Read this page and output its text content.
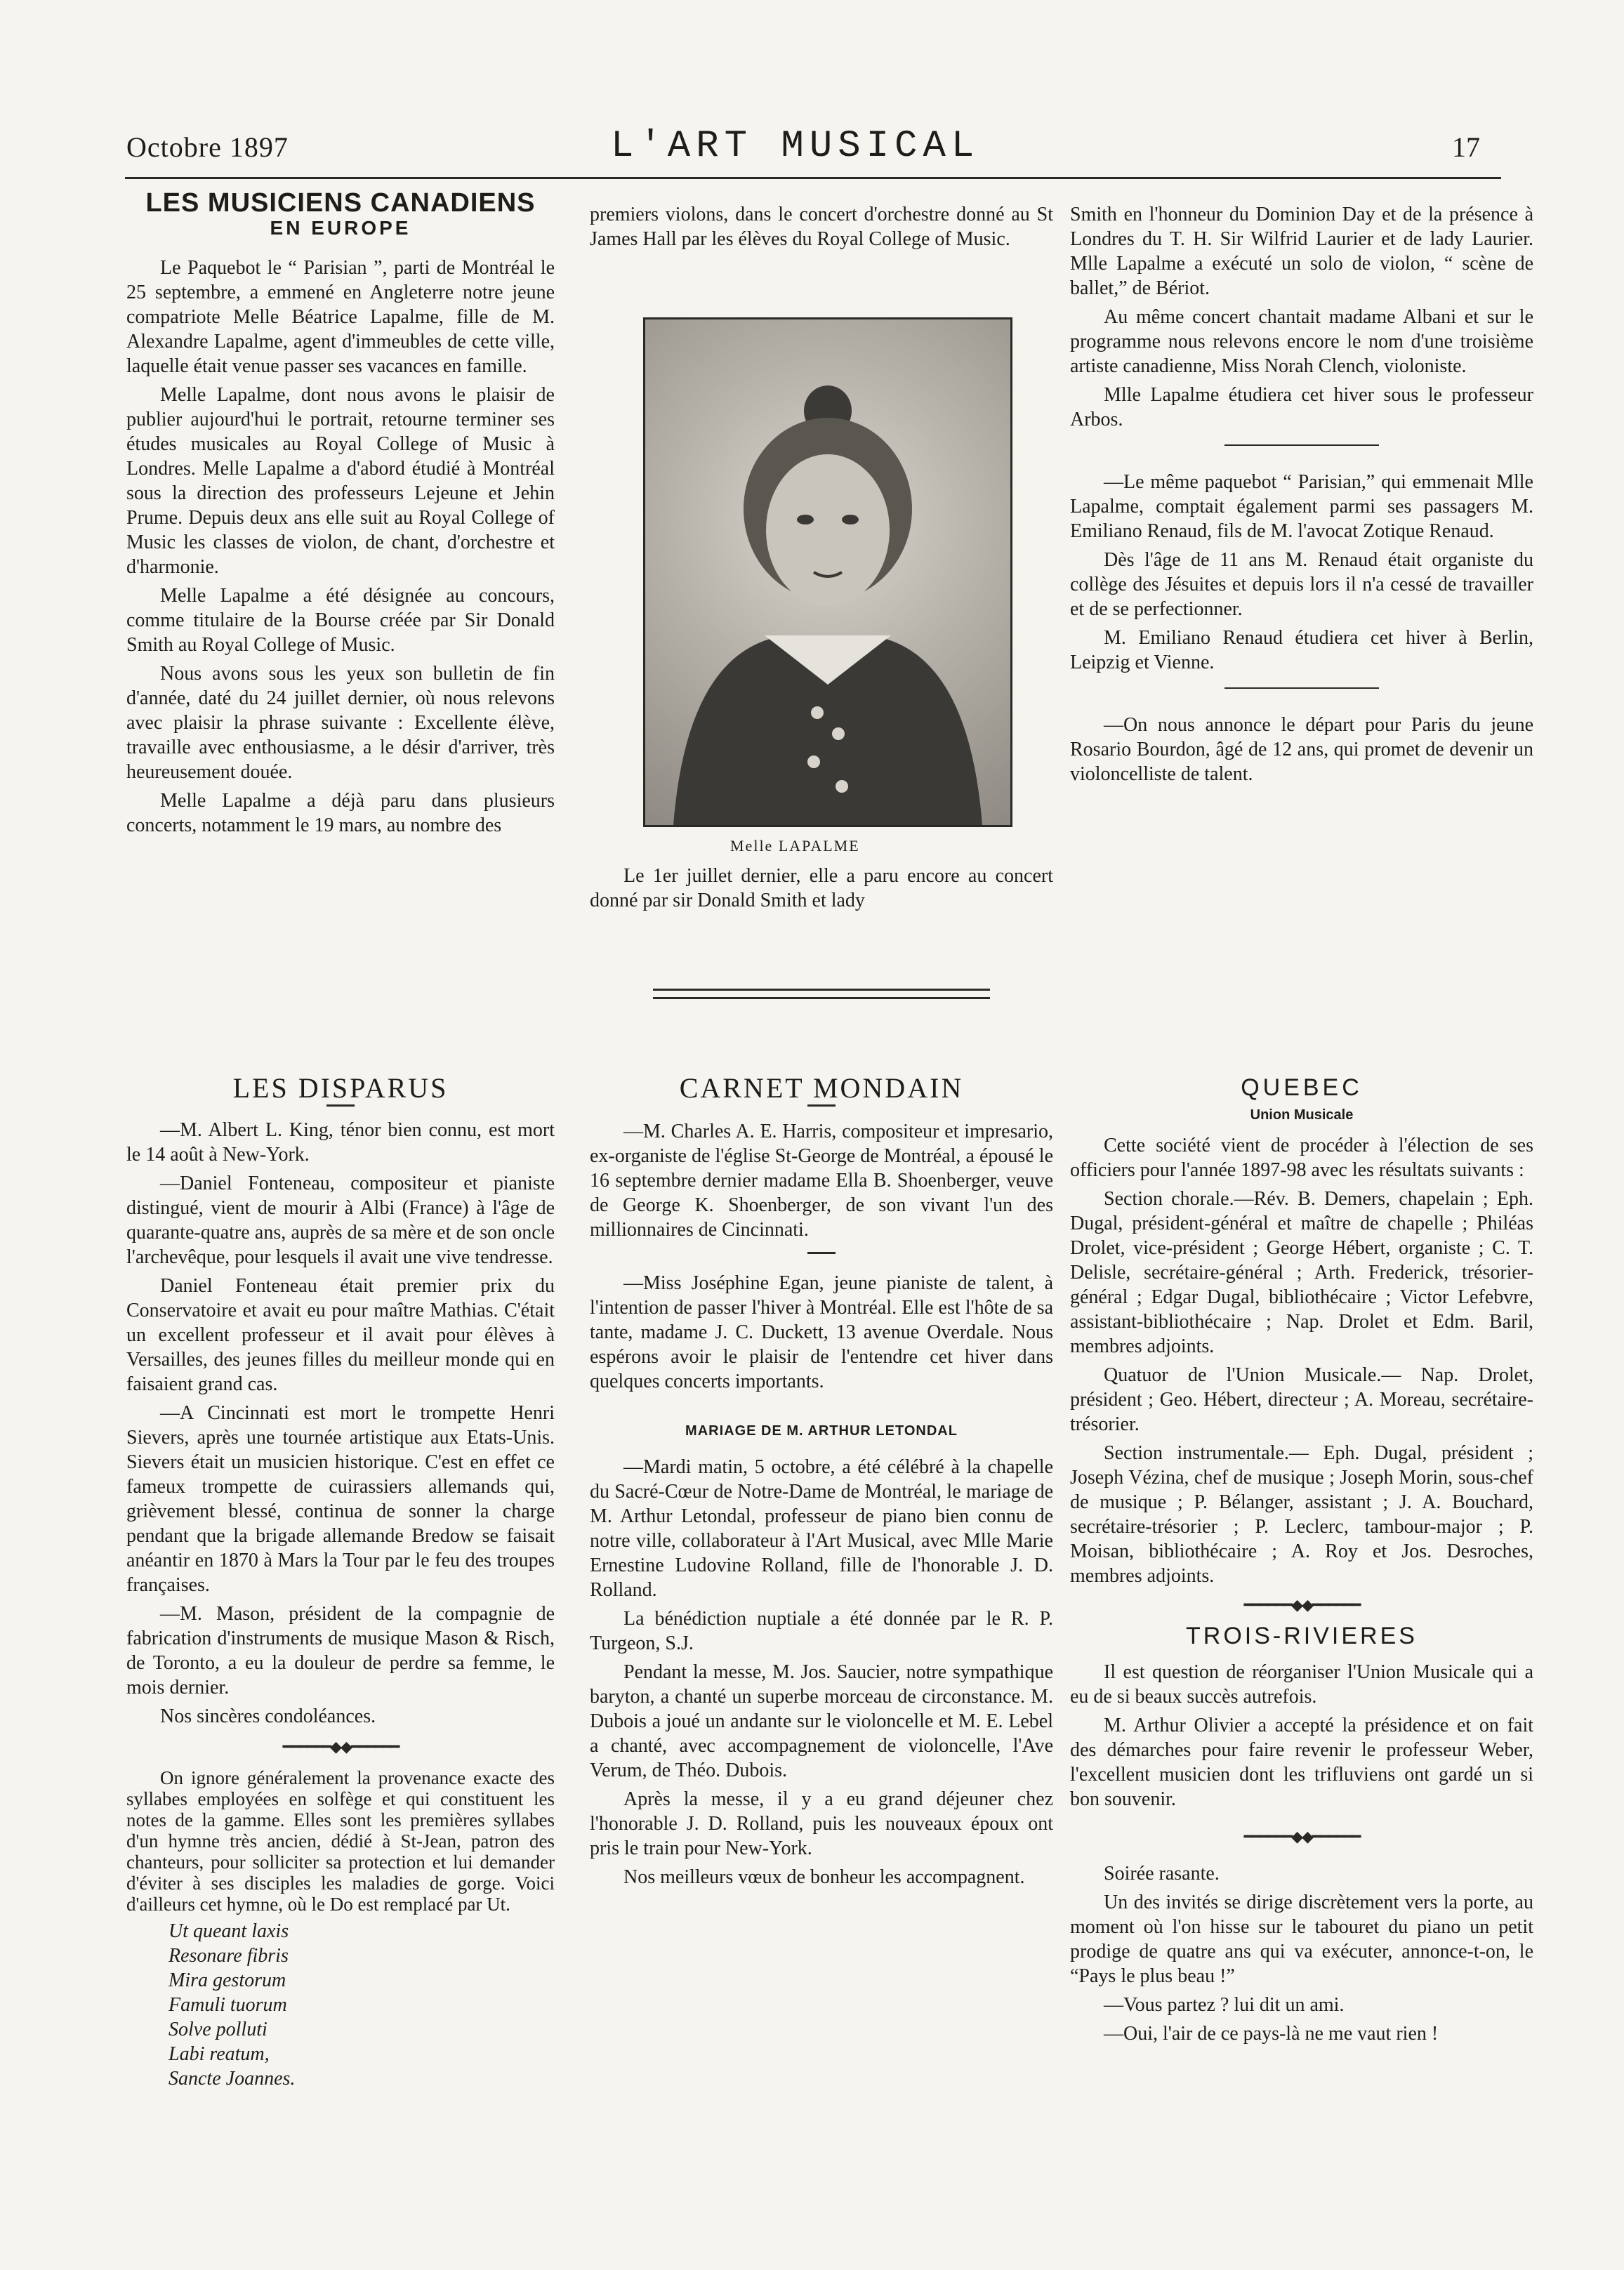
Octobre 1897	L'ART MUSICAL	17
LES MUSICIENS CANADIENS
EN EUROPE

Le Paquebot le “ Parisian ”, parti de Montréal le 25 septembre, a emmené en Angleterre notre jeune compatriote Melle Béatrice Lapalme, fille de M. Alexandre Lapalme, agent d'immeubles de cette ville, laquelle était venue passer ses vacances en famille.

Melle Lapalme, dont nous avons le plaisir de publier aujourd'hui le portrait, retourne terminer ses études musicales au Royal College of Music à Londres. Melle Lapalme a d'abord étudié à Montréal sous la direction des professeurs Lejeune et Jehin Prume. Depuis deux ans elle suit au Royal College of Music les classes de violon, de chant, d'orchestre et d'harmonie.

Melle Lapalme a été désignée au concours, comme titulaire de la Bourse créée par Sir Donald Smith au Royal College of Music.

Nous avons sous les yeux son bulletin de fin d'année, daté du 24 juillet dernier, où nous relevons avec plaisir la phrase suivante : Excellente élève, travaille avec enthousiasme, a le désir d'arriver, très heureusement douée.

Melle Lapalme a déjà paru dans plusieurs concerts, notamment le 19 mars, au nombre des

premiers violons, dans le concert d'orchestre donné au St James Hall par les élèves du Royal College of Music.

Melle LAPALME

Le 1er juillet dernier, elle a paru encore au concert donné par sir Donald Smith et lady

Smith en l'honneur du Dominion Day et de la présence à Londres du T. H. Sir Wilfrid Laurier et de lady Laurier. Mlle Lapalme a exécuté un solo de violon, “ scène de ballet,” de Bériot.

Au même concert chantait madame Albani et sur le programme nous relevons encore le nom d'une troisième artiste canadienne, Miss Norah Clench, violoniste.

Mlle Lapalme étudiera cet hiver sous le professeur Arbos.

—Le même paquebot “ Parisian,” qui emmenait Mlle Lapalme, comptait également parmi ses passagers M. Emiliano Renaud, fils de M. l'avocat Zotique Renaud.

Dès l'âge de 11 ans M. Renaud était organiste du collège des Jésuites et depuis lors il n'a cessé de travailler et de se perfectionner.

M. Emiliano Renaud étudiera cet hiver à Berlin, Leipzig et Vienne.

—On nous annonce le départ pour Paris du jeune Rosario Bourdon, âgé de 12 ans, qui promet de devenir un violoncelliste de talent.

LES DISPARUS

—M. Albert L. King, ténor bien connu, est mort le 14 août à New-York.

—Daniel Fonteneau, compositeur et pianiste distingué, vient de mourir à Albi (France) à l'âge de quarante-quatre ans, auprès de sa mère et de son oncle l'archevêque, pour lesquels il avait une vive tendresse.

Daniel Fonteneau était premier prix du Conservatoire et avait eu pour maître Mathias. C'était un excellent professeur et il avait pour élèves à Versailles, des jeunes filles du meilleur monde qui en faisaient grand cas.

—A Cincinnati est mort le trompette Henri Sievers, après une tournée artistique aux Etats-Unis. Sievers était un musicien historique. C'est en effet ce fameux trompette de cuirassiers allemands qui, grièvement blessé, continua de sonner la charge pendant que la brigade allemande Bredow se faisait anéantir en 1870 à Mars la Tour par le feu des troupes françaises.

—M. Mason, président de la compagnie de fabrication d'instruments de musique Mason & Risch, de Toronto, a eu la douleur de perdre sa femme, le mois dernier.

Nos sincères condoléances.

━━━━━━◆◆━━━━━━

On ignore généralement la provenance exacte des syllabes employées en solfège et qui constituent les notes de la gamme. Elles sont les premières syllabes d'un hymne très ancien, dédié à St-Jean, patron des chanteurs, pour solliciter sa protection et lui demander d'éviter à ses disciples les maladies de gorge. Voici d'ailleurs cet hymne, où le Do est remplacé par Ut.

Ut queant laxis
Resonare fibris
Mira gestorum
Famuli tuorum
Solve polluti
Labi reatum,
Sancte Joannes.
CARNET MONDAIN

—M. Charles A. E. Harris, compositeur et impresario, ex-organiste de l'église St-George de Montréal, a épousé le 16 septembre dernier madame Ella B. Shoenberger, veuve de George K. Shoenberger, de son vivant l'un des millionnaires de Cincinnati.

—Miss Joséphine Egan, jeune pianiste de talent, à l'intention de passer l'hiver à Montréal. Elle est l'hôte de sa tante, madame J. C. Duckett, 13 avenue Overdale. Nous espérons avoir le plaisir de l'entendre cet hiver dans quelques concerts importants.

MARIAGE DE M. ARTHUR LETONDAL

—Mardi matin, 5 octobre, a été célébré à la chapelle du Sacré-Cœur de Notre-Dame de Montréal, le mariage de M. Arthur Letondal, professeur de piano bien connu de notre ville, collaborateur à l'Art Musical, avec Mlle Marie Ernestine Ludovine Rolland, fille de l'honorable J. D. Rolland.

La bénédiction nuptiale a été donnée par le R. P. Turgeon, S.J.

Pendant la messe, M. Jos. Saucier, notre sympathique baryton, a chanté un superbe morceau de circonstance. M. Dubois a joué un andante sur le violoncelle et M. E. Lebel a chanté, avec accompagnement de violoncelle, l'Ave Verum, de Théo. Dubois.

Après la messe, il y a eu grand déjeuner chez l'honorable J. D. Rolland, puis les nouveaux époux ont pris le train pour New-York.

Nos meilleurs vœux de bonheur les accompagnent.

QUEBEC
Union Musicale

Cette société vient de procéder à l'élection de ses officiers pour l'année 1897-98 avec les résultats suivants :

Section chorale.—Rév. B. Demers, chapelain ; Eph. Dugal, président-général et maître de chapelle ; Philéas Drolet, vice-président ; George Hébert, organiste ; C. T. Delisle, secrétaire-général ; Arth. Frederick, trésorier-général ; Edgar Dugal, bibliothécaire ; Victor Lefebvre, assistant-bibliothécaire ; Nap. Drolet et Edm. Baril, membres adjoints.

Quatuor de l'Union Musicale.— Nap. Drolet, président ; Geo. Hébert, directeur ; A. Moreau, secrétaire-trésorier.

Section instrumentale.— Eph. Dugal, président ; Joseph Vézina, chef de musique ; Joseph Morin, sous-chef de musique ; P. Bélanger, assistant ; J. A. Bouchard, secrétaire-trésorier ; P. Leclerc, tambour-major ; P. Moisan, bibliothécaire ; A. Roy et Jos. Desroches, membres adjoints.

━━━━━━◆◆━━━━━━
TROIS-RIVIERES

Il est question de réorganiser l'Union Musicale qui a eu de si beaux succès autrefois.

M. Arthur Olivier a accepté la présidence et on fait des démarches pour faire revenir le professeur Weber, l'excellent musicien dont les trifluviens ont gardé un si bon souvenir.

━━━━━━◆◆━━━━━━

Soirée rasante.

Un des invités se dirige discrètement vers la porte, au moment où l'on hisse sur le tabouret du piano un petit prodige de quatre ans qui va exécuter, annonce-t-on, le “Pays le plus beau !”

—Vous partez ? lui dit un ami.

—Oui, l'air de ce pays-là ne me vaut rien !
